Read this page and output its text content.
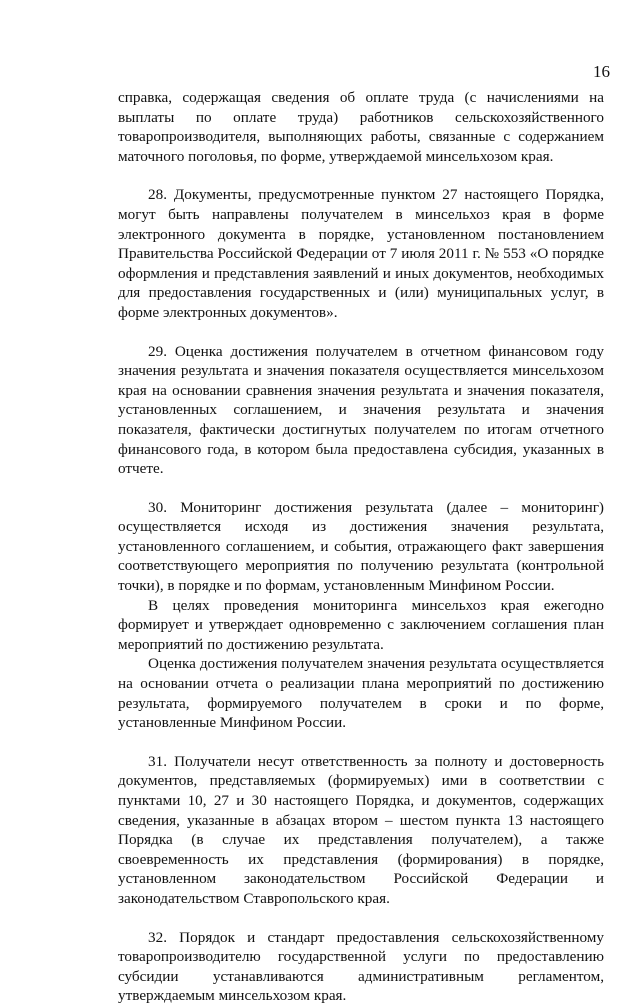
16

справка, содержащая сведения об оплате труда (с начислениями на выплаты по оплате труда) работников сельскохозяйственного товаропроизводителя, выполняющих работы, связанные с содержанием маточного поголовья, по форме, утверждаемой минсельхозом края.

28. Документы, предусмотренные пунктом 27 настоящего Порядка, могут быть направлены получателем в минсельхоз края в форме электронного документа в порядке, установленном постановлением Правительства Российской Федерации от 7 июля 2011 г. № 553 «О порядке оформления и представления заявлений и иных документов, необходимых для предоставления государственных и (или) муниципальных услуг, в форме электронных документов».

29. Оценка достижения получателем в отчетном финансовом году значения результата и значения показателя осуществляется минсельхозом края на основании сравнения значения результата и значения показателя, установленных соглашением, и значения результата и значения показателя, фактически достигнутых получателем по итогам отчетного финансового года, в котором была предоставлена субсидия, указанных в отчете.

30. Мониторинг достижения результата (далее – мониторинг) осуществляется исходя из достижения значения результата, установленного соглашением, и события, отражающего факт завершения соответствующего мероприятия по получению результата (контрольной точки), в порядке и по формам, установленным Минфином России.

В целях проведения мониторинга минсельхоз края ежегодно формирует и утверждает одновременно с заключением соглашения план мероприятий по достижению результата.

Оценка достижения получателем значения результата осуществляется на основании отчета о реализации плана мероприятий по достижению результата, формируемого получателем в сроки и по форме, установленные Минфином России.

31. Получатели несут ответственность за полноту и достоверность документов, представляемых (формируемых) ими в соответствии с пунктами 10, 27 и 30 настоящего Порядка, и документов, содержащих сведения, указанные в абзацах втором – шестом пункта 13 настоящего Порядка (в случае их представления получателем), а также своевременность их представления (формирования) в порядке, установленном законодательством Российской Федерации и законодательством Ставропольского края.

32. Порядок и стандарт предоставления сельскохозяйственному товаропроизводителю государственной услуги по предоставлению субсидии устанавливаются административным регламентом, утверждаемым минсельхозом края.
